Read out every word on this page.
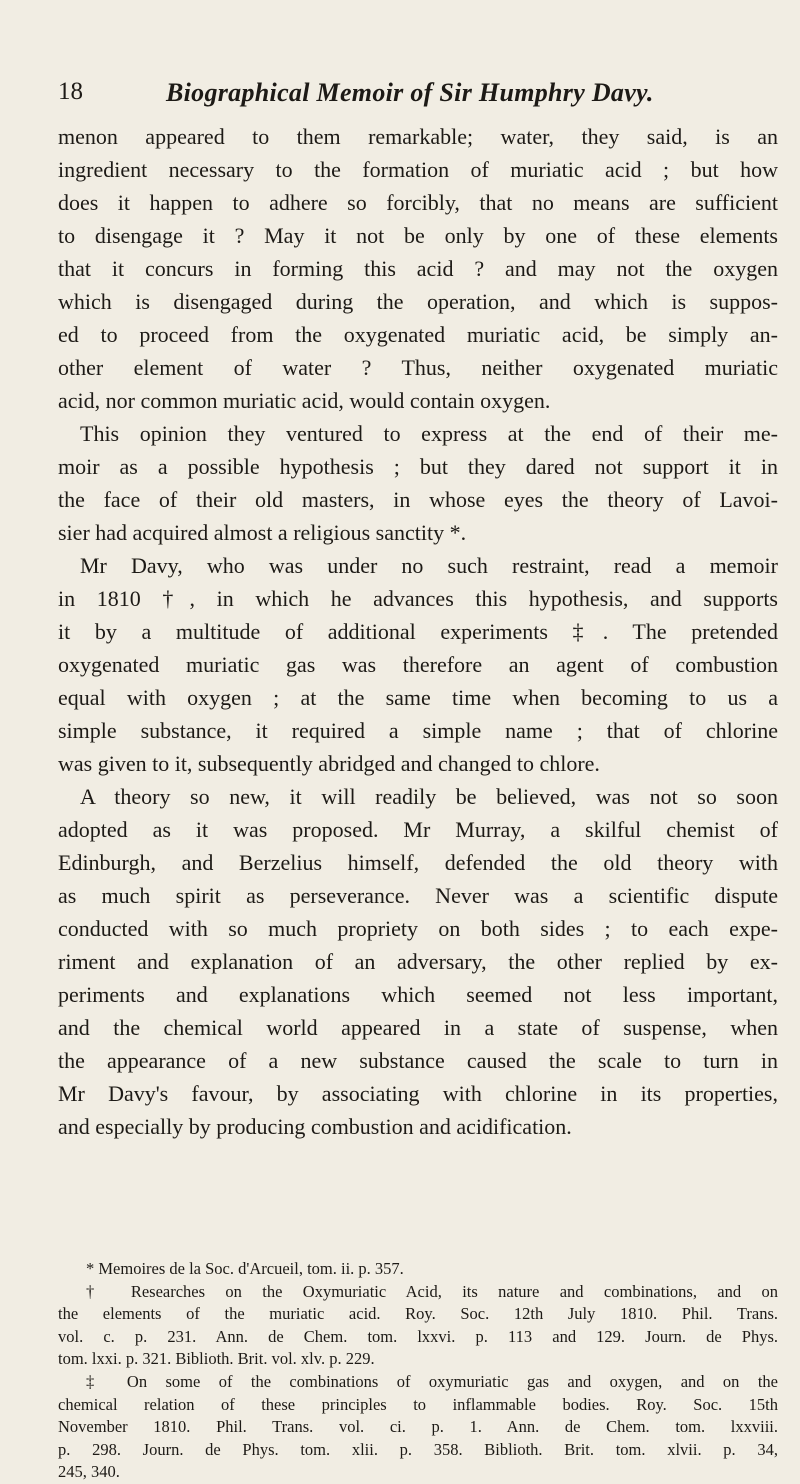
18	Biographical Memoir of Sir Humphry Davy.
menon appeared to them remarkable; water, they said, is an
ingredient necessary to the formation of muriatic acid ; but how
does it happen to adhere so forcibly, that no means are sufficient
to disengage it ? May it not be only by one of these elements
that it concurs in forming this acid ? and may not the oxygen
which is disengaged during the operation, and which is suppos-
ed to proceed from the oxygenated muriatic acid, be simply an-
other element of water ? Thus, neither oxygenated muriatic
acid, nor common muriatic acid, would contain oxygen.
This opinion they ventured to express at the end of their me-
moir as a possible hypothesis ; but they dared not support it in
the face of their old masters, in whose eyes the theory of Lavoi-
sier had acquired almost a religious sanctity *.
Mr Davy, who was under no such restraint, read a memoir
in 1810 †, in which he advances this hypothesis, and supports
it by a multitude of additional experiments ‡. The pretended
oxygenated muriatic gas was therefore an agent of combustion
equal with oxygen ; at the same time when becoming to us a
simple substance, it required a simple name ; that of chlorine
was given to it, subsequently abridged and changed to chlore.
A theory so new, it will readily be believed, was not so soon
adopted as it was proposed. Mr Murray, a skilful chemist of
Edinburgh, and Berzelius himself, defended the old theory with
as much spirit as perseverance. Never was a scientific dispute
conducted with so much propriety on both sides ; to each expe-
riment and explanation of an adversary, the other replied by ex-
periments and explanations which seemed not less important,
and the chemical world appeared in a state of suspense, when
the appearance of a new substance caused the scale to turn in
Mr Davy's favour, by associating with chlorine in its properties,
and especially by producing combustion and acidification.
* Memoires de la Soc. d'Arcueil, tom. ii. p. 357.
† Researches on the Oxymuriatic Acid, its nature and combinations, and on
the elements of the muriatic acid. Roy. Soc. 12th July 1810. Phil. Trans.
vol. c. p. 231. Ann. de Chem. tom. lxxvi. p. 113 and 129. Journ. de Phys.
tom. lxxi. p. 321. Biblioth. Brit. vol. xlv. p. 229.
‡ On some of the combinations of oxymuriatic gas and oxygen, and on the
chemical relation of these principles to inflammable bodies. Roy. Soc. 15th
November 1810. Phil. Trans. vol. ci. p. 1. Ann. de Chem. tom. lxxviii.
p. 298. Journ. de Phys. tom. xlii. p. 358. Biblioth. Brit. tom. xlvii. p. 34,
245, 340.
